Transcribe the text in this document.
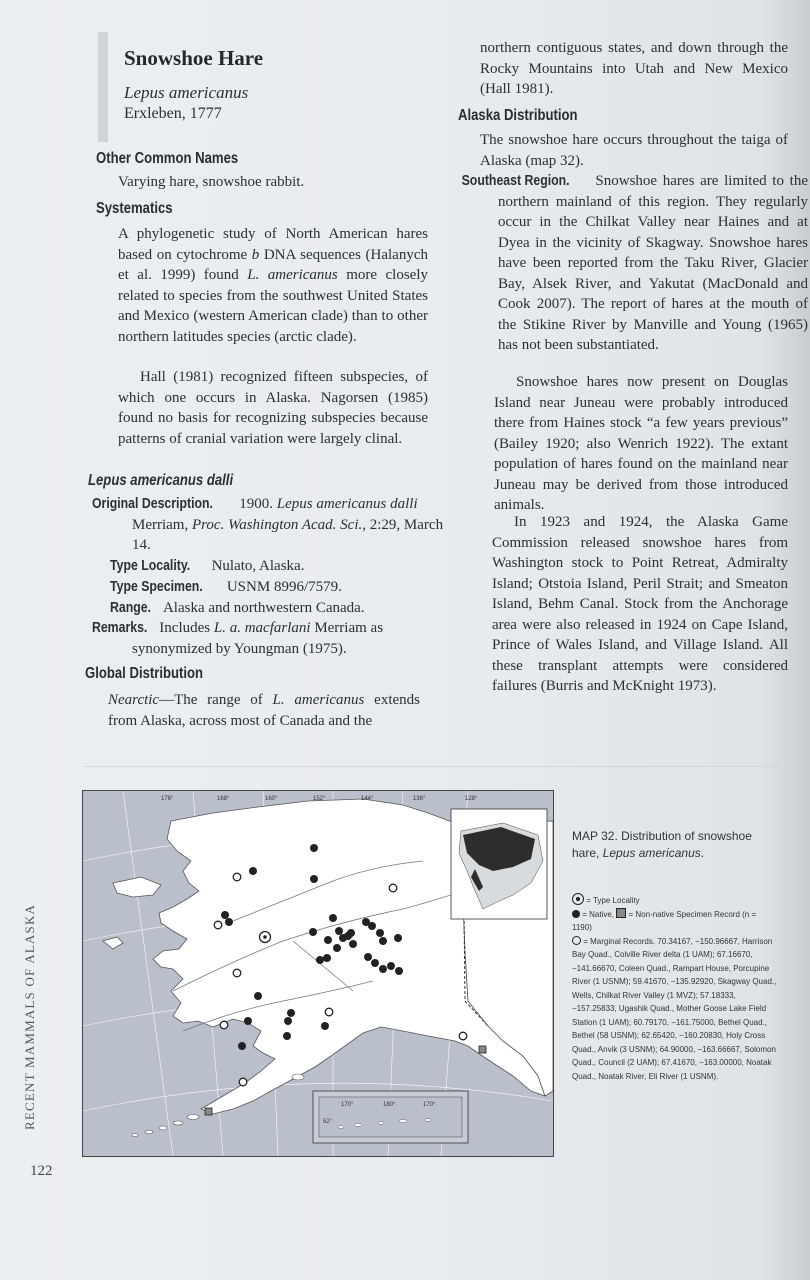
Snowshoe Hare
Lepus americanus
Erxleben, 1777
Other Common Names
Varying hare, snowshoe rabbit.
Systematics
A phylogenetic study of North American hares based on cytochrome b DNA sequences (Halanych et al. 1999) found L. americanus more closely related to species from the southwest United States and Mexico (western American clade) than to other northern latitudes species (arctic clade).
Hall (1981) recognized fifteen subspecies, of which one occurs in Alaska. Nagorsen (1985) found no basis for recognizing subspecies because patterns of cranial variation were largely clinal.
Lepus americanus dalli
Original Description. 1900. Lepus americanus dalli Merriam, Proc. Washington Acad. Sci., 2:29, March 14.
Type Locality. Nulato, Alaska.
Type Specimen. USNM 8996/7579.
Range. Alaska and northwestern Canada.
Remarks. Includes L. a. macfarlani Merriam as synonymized by Youngman (1975).
Global Distribution
Nearctic—The range of L. americanus extends from Alaska, across most of Canada and the
northern contiguous states, and down through the Rocky Mountains into Utah and New Mexico (Hall 1981).
Alaska Distribution
The snowshoe hare occurs throughout the taiga of Alaska (map 32).
Southeast Region. Snowshoe hares are limited to the northern mainland of this region. They regularly occur in the Chilkat Valley near Haines and at Dyea in the vicinity of Skagway. Snowshoe hares have been reported from the Taku River, Glacier Bay, Alsek River, and Yakutat (MacDonald and Cook 2007). The report of hares at the mouth of the Stikine River by Manville and Young (1965) has not been substantiated.
Snowshoe hares now present on Douglas Island near Juneau were probably introduced there from Haines stock “a few years previous” (Bailey 1920; also Wenrich 1922). The extant population of hares found on the mainland near Juneau may be derived from those introduced animals.
In 1923 and 1924, the Alaska Game Commission released snowshoe hares from Washington stock to Point Retreat, Admiralty Island; Otstoia Island, Peril Strait; and Smeaton Island, Behm Canal. Stock from the Anchorage area were also released in 1924 on Cape Island, Prince of Wales Island, and Village Island. All these transplant attempts were considered failures (Burris and McKnight 1973).
176°	168°	160°	152°	144°	136°	128°
170°	180°	170°
52°
MAP 32. Distribution of snowshoe hare, Lepus americanus.
= Type Locality
= Native, = Non-native Specimen Record (n = 1190)
= Marginal Records. 70.34167, −150.96667, Harrison Bay Quad., Colville River delta (1 UAM); 67.16670, −141.66670, Coleen Quad., Rampart House, Porcupine River (1 USNM); 59.41670, −135.92920, Skagway Quad., Wells, Chilkat River Valley (1 MVZ); 57.18333, −157.25833, Ugashik Quad., Mother Goose Lake Field Station (1 UAM); 60.79170, −161.75000, Bethel Quad., Bethel (58 USNM); 62.65420, −160.20830, Holy Cross Quad., Anvik (3 USNM); 64.90000, −163.66667, Solomon Quad., Council (2 UAM); 67.41670, −163.00000, Noatak Quad., Noatak River, Eli River (1 USNM).
RECENT MAMMALS OF ALASKA
122
